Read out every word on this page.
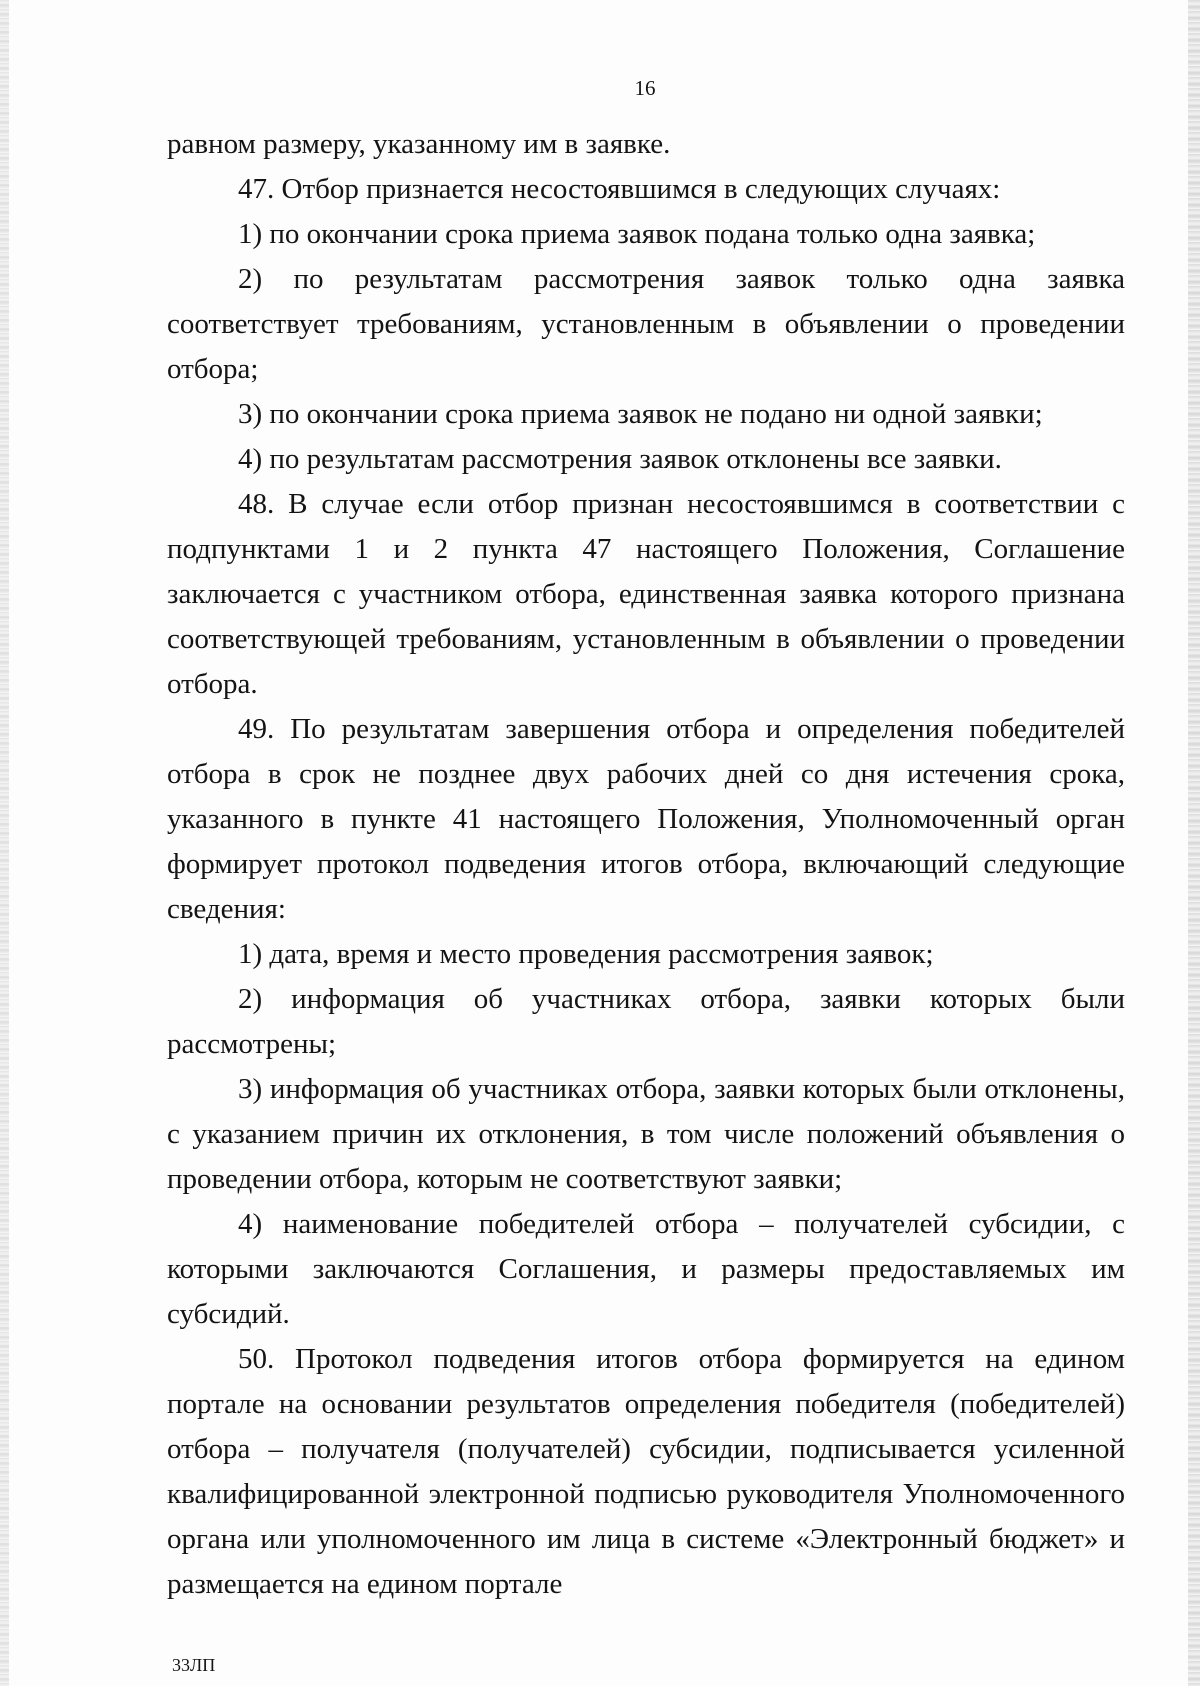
16

равном размеру, указанному им в заявке.

47. Отбор признается несостоявшимся в следующих случаях:

1) по окончании срока приема заявок подана только одна заявка;

2) по результатам рассмотрения заявок только одна заявка соответствует требованиям, установленным в объявлении о проведении отбора;

3) по окончании срока приема заявок не подано ни одной заявки;

4) по результатам рассмотрения заявок отклонены все заявки.

48. В случае если отбор признан несостоявшимся в соответствии с подпунктами 1 и 2 пункта 47 настоящего Положения, Соглашение заключается с участником отбора, единственная заявка которого признана соответствующей требованиям, установленным в объявлении о проведении отбора.

49. По результатам завершения отбора и определения победителей отбора в срок не позднее двух рабочих дней со дня истечения срока, указанного в пункте 41 настоящего Положения, Уполномоченный орган формирует протокол подведения итогов отбора, включающий следующие сведения:

1) дата, время и место проведения рассмотрения заявок;

2) информация об участниках отбора, заявки которых были рассмотрены;

3) информация об участниках отбора, заявки которых были отклонены, с указанием причин их отклонения, в том числе положений объявления о проведении отбора, которым не соответствуют заявки;

4) наименование победителей отбора – получателей субсидии, с которыми заключаются Соглашения, и размеры предоставляемых им субсидий.

50. Протокол подведения итогов отбора формируется на едином портале на основании результатов определения победителя (победителей) отбора – получателя (получателей) субсидии, подписывается усиленной квалифицированной электронной подписью руководителя Уполномоченного органа или уполномоченного им лица в системе «Электронный бюджет» и размещается на едином портале

33ЛП
